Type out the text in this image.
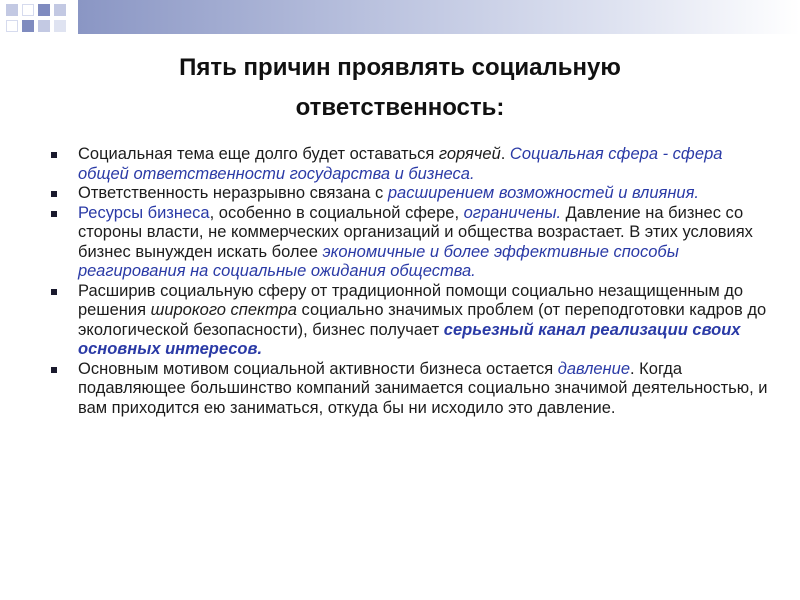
Пять причин проявлять социальную
ответственность:
Социальная тема еще долго будет оставаться горячей. Социальная сфера - сфера общей ответственности государства и бизнеса.
Ответственность неразрывно связана с расширением возможностей и влияния.
Ресурсы бизнеса, особенно в социальной сфере, ограничены. Давление на бизнес со стороны власти, не коммерческих организаций и общества возрастает. В этих условиях бизнес вынужден искать более экономичные и более эффективные способы реагирования на социальные ожидания общества.
Расширив социальную сферу от традиционной помощи социально незащищенным до решения широкого спектра социально значимых проблем (от переподготовки кадров до экологической безопасности), бизнес получает серьезный канал реализации своих основных интересов.
Основным мотивом социальной активности бизнеса остается давление. Когда подавляющее большинство компаний занимается социально значимой деятельностью, и вам приходится ею заниматься, откуда бы ни исходило это давление.
